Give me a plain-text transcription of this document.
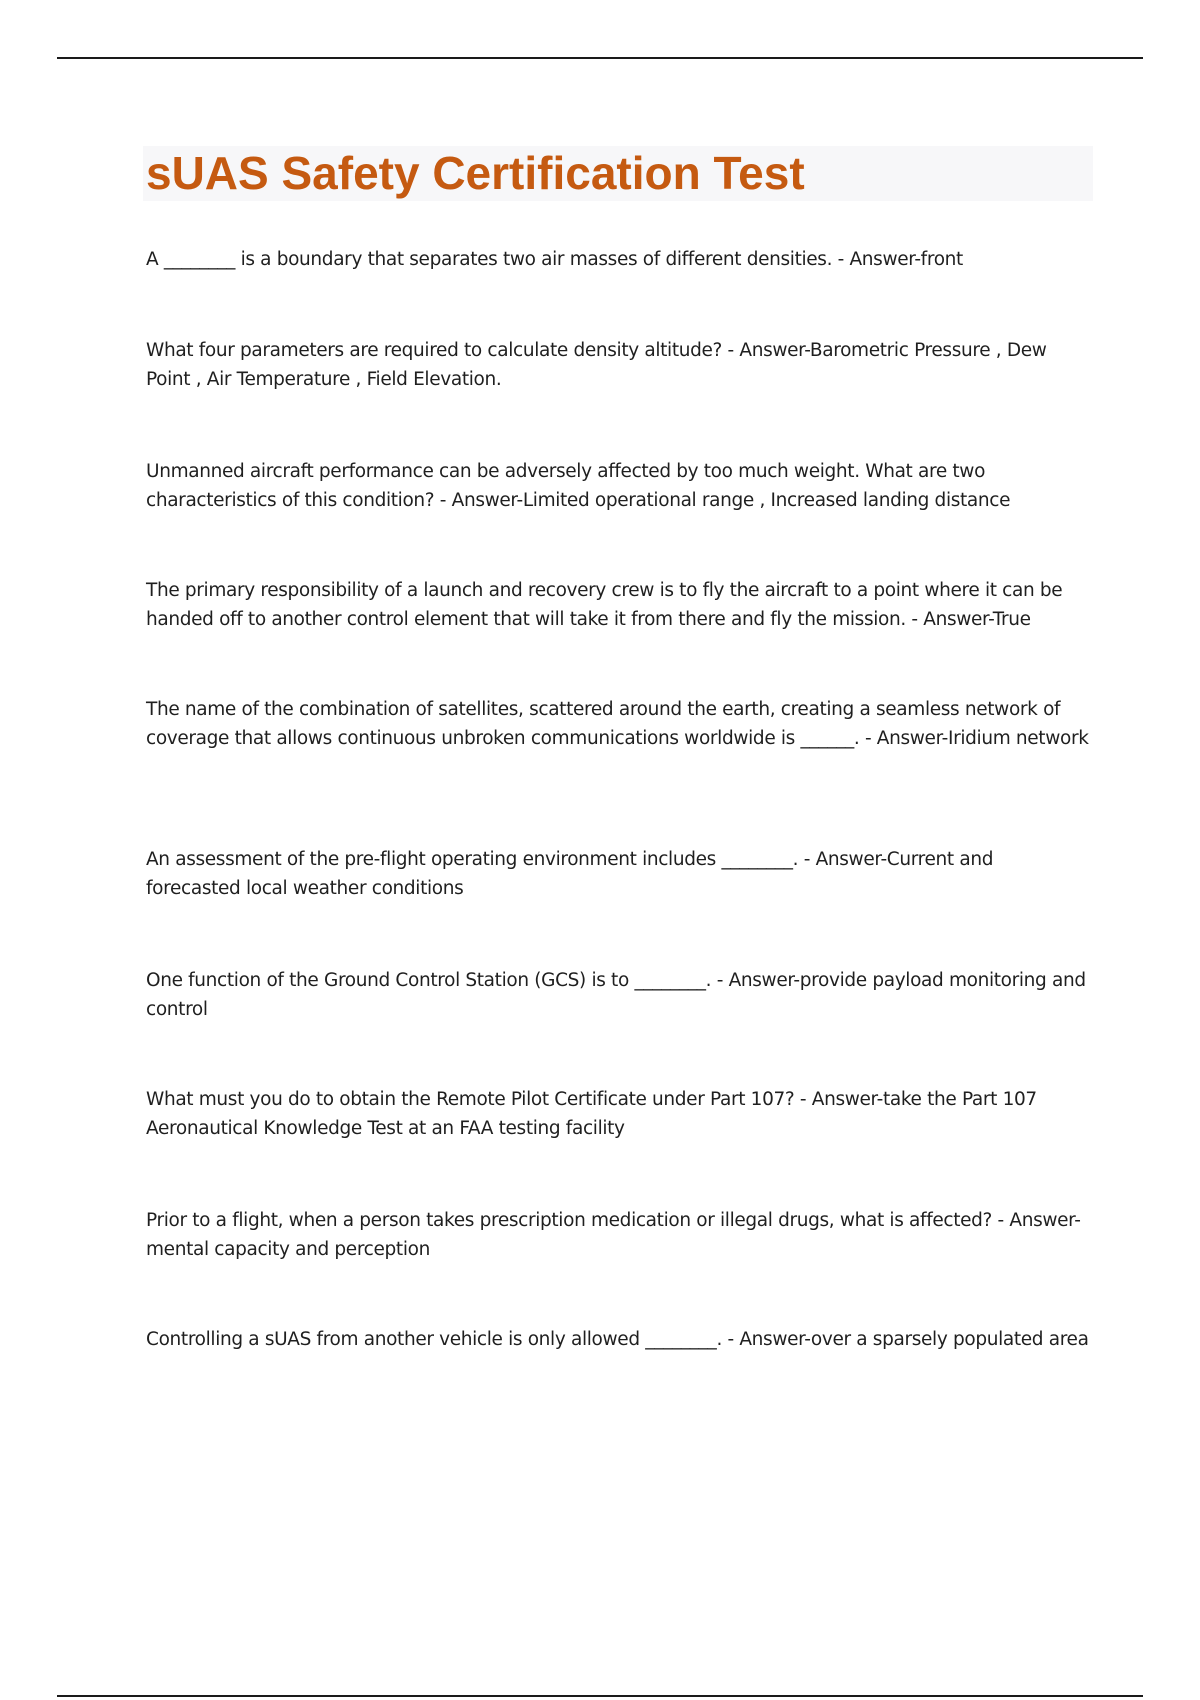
sUAS Safety Certification Test

A ________ is a boundary that separates two air masses of different densities. - Answer-front

What four parameters are required to calculate density altitude? - Answer-Barometric Pressure , Dew Point , Air Temperature , Field Elevation.

Unmanned aircraft performance can be adversely affected by too much weight. What are two characteristics of this condition? - Answer-Limited operational range , Increased landing distance

The primary responsibility of a launch and recovery crew is to fly the aircraft to a point where it can be handed off to another control element that will take it from there and fly the mission. - Answer-True

The name of the combination of satellites, scattered around the earth, creating a seamless network of coverage that allows continuous unbroken communications worldwide is ______. - Answer-Iridium network

An assessment of the pre-flight operating environment includes ________. - Answer-Current and forecasted local weather conditions

One function of the Ground Control Station (GCS) is to ________. - Answer-provide payload monitoring and control

What must you do to obtain the Remote Pilot Certificate under Part 107? - Answer-take the Part 107 Aeronautical Knowledge Test at an FAA testing facility

Prior to a flight, when a person takes prescription medication or illegal drugs, what is affected? - Answer-mental capacity and perception

Controlling a sUAS from another vehicle is only allowed ________. - Answer-over a sparsely populated area
